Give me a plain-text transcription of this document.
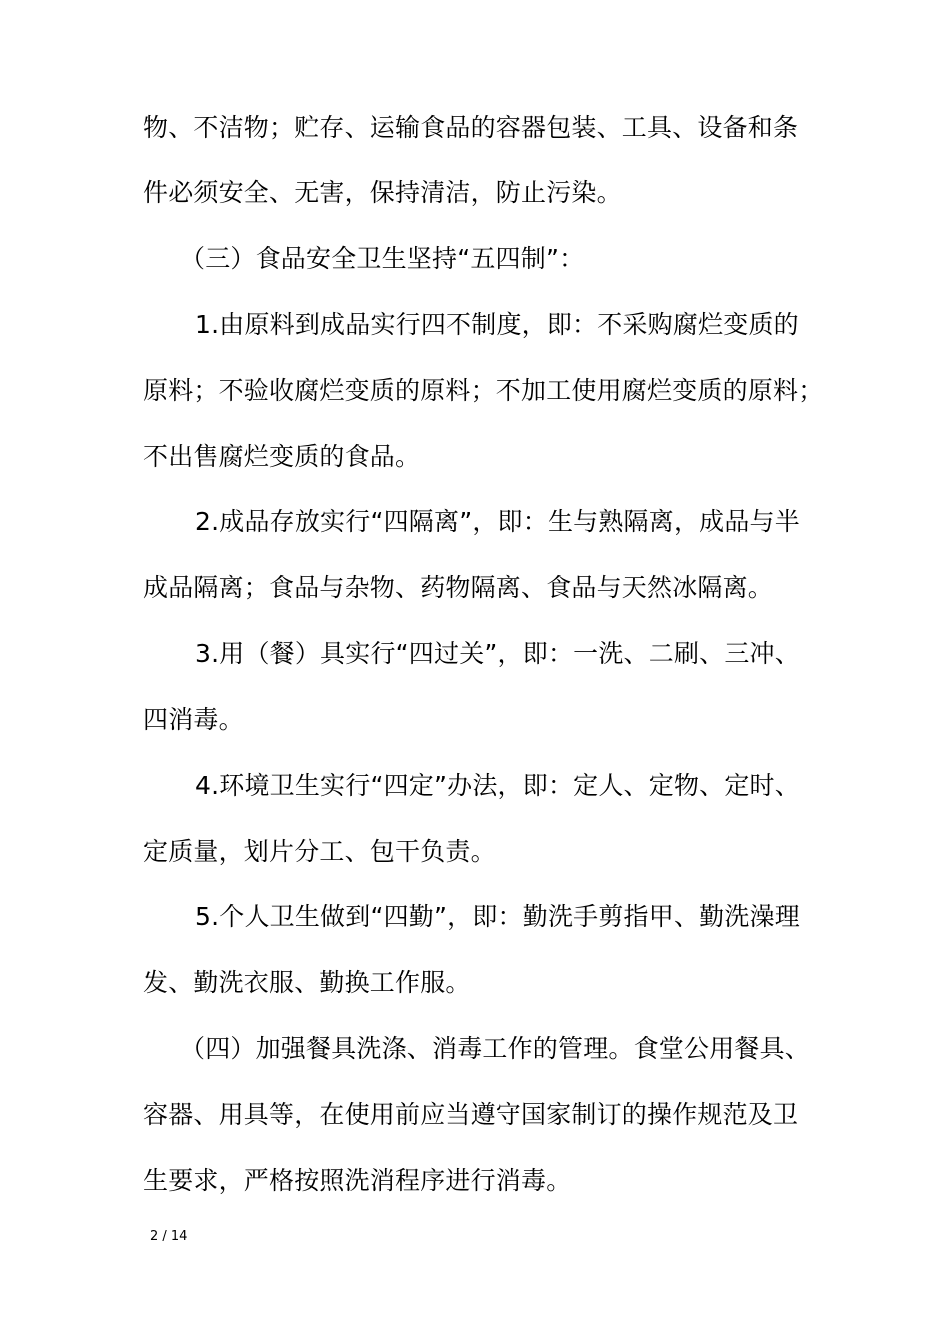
物、不洁物；贮存、运输食品的容器包装、工具、设备和条
件必须安全、无害，保持清洁，防止污染。
（三）食品安全卫生坚持“五四制”：
1.由原料到成品实行四不制度，即：不采购腐烂变质的
原料；不验收腐烂变质的原料；不加工使用腐烂变质的原料；
不出售腐烂变质的食品。
2.成品存放实行“四隔离”，即：生与熟隔离，成品与半
成品隔离；食品与杂物、药物隔离、食品与天然冰隔离。
3.用（餐）具实行“四过关”，即：一洗、二刷、三冲、
四消毒。
4.环境卫生实行“四定”办法，即：定人、定物、定时、
定质量，划片分工、包干负责。
5.个人卫生做到“四勤”，即：勤洗手剪指甲、勤洗澡理
发、勤洗衣服、勤换工作服。
（四）加强餐具洗涤、消毒工作的管理。食堂公用餐具、
容器、用具等，在使用前应当遵守国家制订的操作规范及卫
生要求，严格按照洗消程序进行消毒。
2 / 14
